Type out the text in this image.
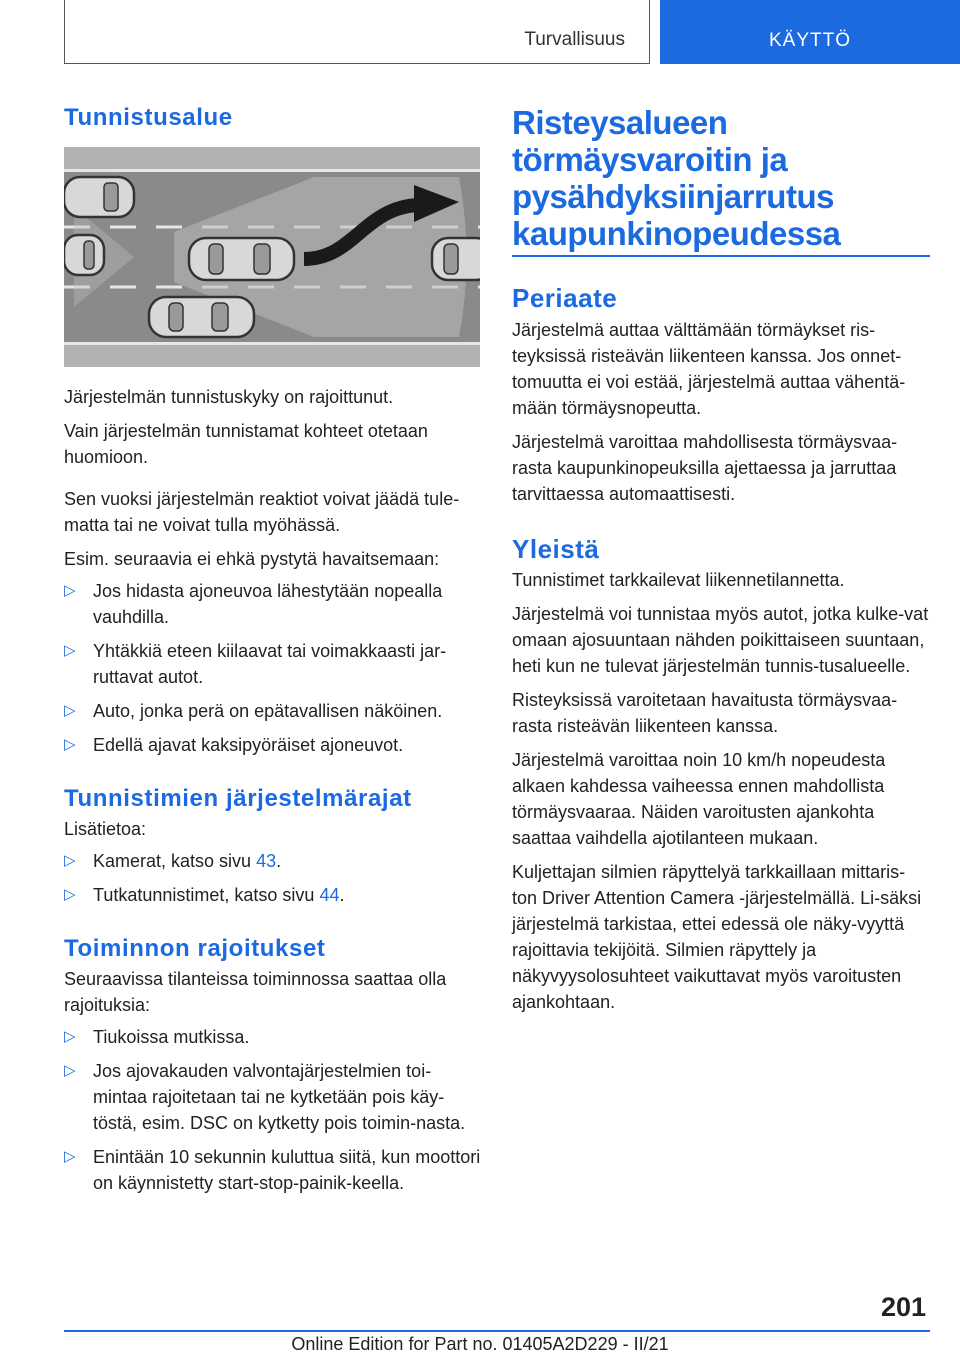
Turvallisuus	KÄYTTÖ
Tunnistusalue

Järjestelmän tunnistuskyky on rajoittunut.

Vain järjestelmän tunnistamat kohteet otetaan huomioon.

Sen vuoksi järjestelmän reaktiot voivat jäädä tule‐matta tai ne voivat tulla myöhässä.

Esim. seuraavia ei ehkä pystytä havaitsemaan:

▷ Jos hidasta ajoneuvoa lähestytään nopealla vauhdilla.
▷ Yhtäkkiä eteen kiilaavat tai voimakkaasti jar‐ruttavat autot.
▷ Auto, jonka perä on epätavallisen näköinen.
▷ Edellä ajavat kaksipyöräiset ajoneuvot.
Tunnistimien järjestelmärajat

Lisätietoa:

▷ Kamerat, katso sivu 43.
▷ Tutkatunnistimet, katso sivu 44.
Toiminnon rajoitukset

Seuraavissa tilanteissa toiminnossa saattaa olla rajoituksia:

▷ Tiukoissa mutkissa.
▷ Jos ajovakauden valvontajärjestelmien toi‐mintaa rajoitetaan tai ne kytketään pois käy‐töstä, esim. DSC on kytketty pois toimin‐nasta.
▷ Enintään 10 sekunnin kuluttua siitä, kun moottori on käynnistetty start-stop-painik‐keella.
Risteysalueen törmäysvaroitin ja pysähdyksiinjarrutus kaupunkinopeudessa
Periaate

Järjestelmä auttaa välttämään törmäykset ris‐teyksissä risteävän liikenteen kanssa. Jos onnet‐tomuutta ei voi estää, järjestelmä auttaa vähentä‐mään törmäysnopeutta.

Järjestelmä varoittaa mahdollisesta törmäysvaa‐rasta kaupunkinopeuksilla ajettaessa ja jarruttaa tarvittaessa automaattisesti.

Yleistä

Tunnistimet tarkkailevat liikennetilannetta.

Järjestelmä voi tunnistaa myös autot, jotka kulke‐vat omaan ajosuuntaan nähden poikittaiseen suuntaan, heti kun ne tulevat järjestelmän tunnis‐tusalueelle.

Risteyksissä varoitetaan havaitusta törmäysvaa‐rasta risteävän liikenteen kanssa.

Järjestelmä varoittaa noin 10 km/h nopeudesta alkaen kahdessa vaiheessa ennen mahdollista törmäysvaaraa. Näiden varoitusten ajankohta saattaa vaihdella ajotilanteen mukaan.

Kuljettajan silmien räpyttelyä tarkkaillaan mittaris‐ton Driver Attention Camera -järjestelmällä. Li‐säksi järjestelmä tarkistaa, ettei edessä ole näky‐vyyttä rajoittavia tekijöitä. Silmien räpyttely ja näkyvyysolosuhteet vaikuttavat myös varoitusten ajankohtaan.

201
Online Edition for Part no. 01405A2D229 - II/21
